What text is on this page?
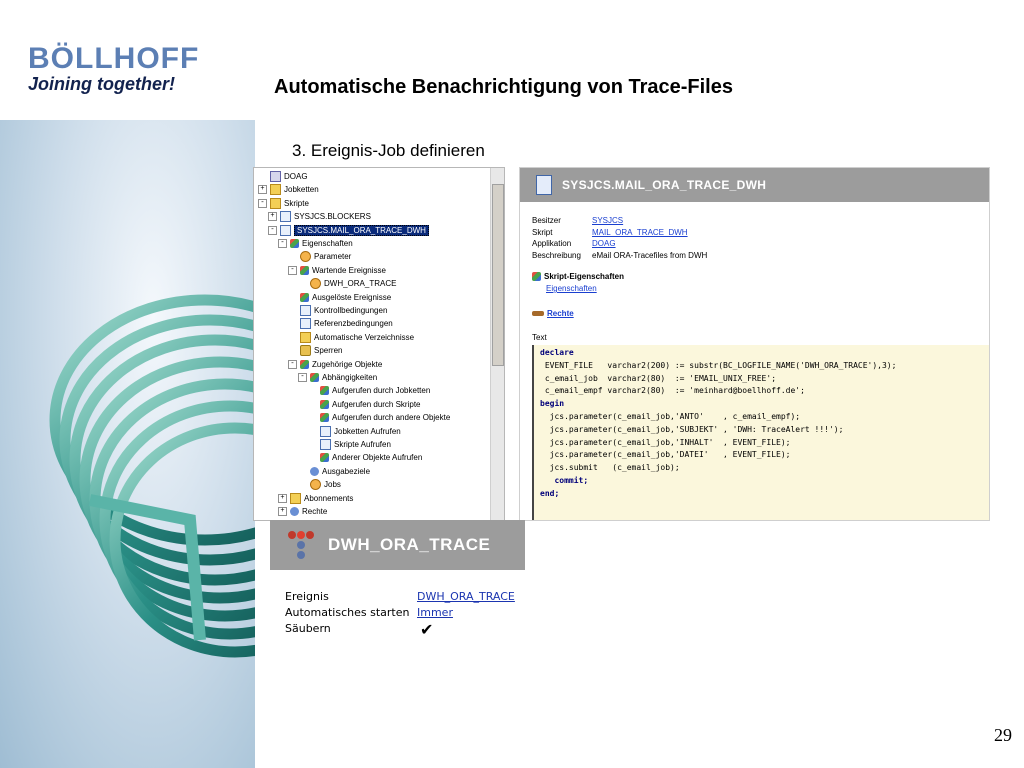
BÖLLHOFF
Joining together!	Automatische Benachrichtigung von Trace-Files
3. Ereignis-Job definieren
DOAG
+	Jobketten
-	Skripte
+	SYSJCS.BLOCKERS
-	SYSJCS.MAIL_ORA_TRACE_DWH
-	Eigenschaften
Parameter
-	Wartende Ereignisse
DWH_ORA_TRACE
Ausgelöste Ereignisse
Kontrollbedingungen
Referenzbedingungen
Automatische Verzeichnisse
Sperren
-	Zugehörige Objekte
-	Abhängigkeiten
Aufgerufen durch Jobketten
Aufgerufen durch Skripte
Aufgerufen durch andere Objekte
Jobketten Aufrufen
Skripte Aufrufen
Anderer Objekte Aufrufen
Ausgabeziele
Jobs
+	Abonnements
+	Rechte
SYSJCS.MAIL_ORA_TRACE_DWH
Besitzer	SYSJCS
Skript	MAIL_ORA_TRACE_DWH
Applikation	DOAG
Beschreibung eMail ORA-Tracefiles from DWH
Skript-Eigenschaften
Eigenschaften
Rechte
Text
declare
EVENT_FILE   varchar2(200) := substr(BC_LOGFILE_NAME('DWH_ORA_TRACE'),3);
c_email_job  varchar2(80)  := 'EMAIL_UNIX_FREE';
c_email_empf varchar2(80)  := 'meinhard@boellhoff.de';
begin
jcs.parameter(c_email_job,'ANTO'    , c_email_empf);
jcs.parameter(c_email_job,'SUBJEKT' , 'DWH: TraceAlert !!!');
jcs.parameter(c_email_job,'INHALT'  , EVENT_FILE);
jcs.parameter(c_email_job,'DATEI'   , EVENT_FILE);
jcs.submit   (c_email_job);
commit;
end;
DWH_ORA_TRACE
Ereignis	DWH_ORA_TRACE
Automatisches starten Immer
Säubern	✔
29
